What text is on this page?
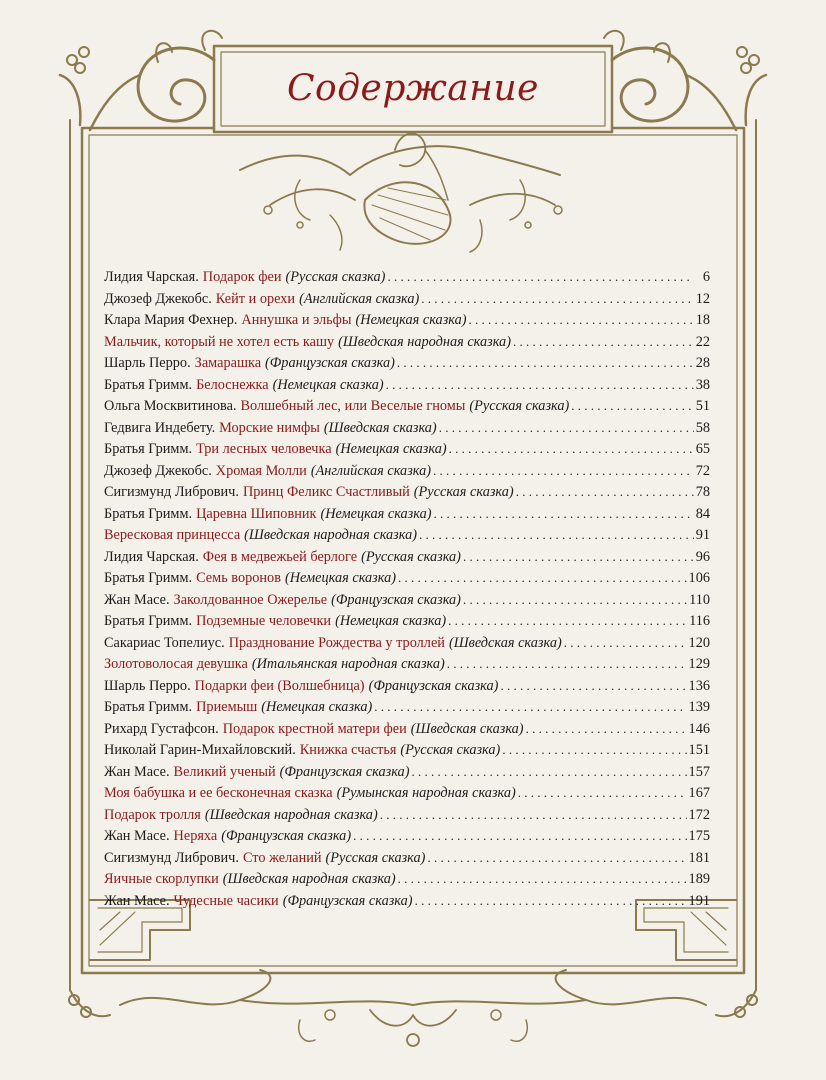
Содержание
Лидия Чарская. Подарок феи (Русская сказка) . . .	6
Джозеф Джекобс. Кейт и орехи (Английская сказка) . . .	12
Клара Мария Фехнер. Аннушка и эльфы (Немецкая сказка) . . .	18
Мальчик, который не хотел есть кашу (Шведская народная сказка) . . .	22
Шарль Перро. Замарашка (Французская сказка) . . .	28
Братья Гримм. Белоснежка (Немецкая сказка) . . .	38
Ольга Москвитинова. Волшебный лес, или Веселые гномы (Русская сказка) . . .	51
Гедвига Индебету. Морские нимфы (Шведская сказка) . . .	58
Братья Гримм. Три лесных человечка (Немецкая сказка) . . .	65
Джозеф Джекобс. Хромая Молли (Английская сказка) . . .	72
Сигизмунд Либрович. Принц Феликс Счастливый (Русская сказка) . . .	78
Братья Гримм. Царевна Шиповник (Немецкая сказка) . . .	84
Вересковая принцесса (Шведская народная сказка) . . .	91
Лидия Чарская. Фея в медвежьей берлоге (Русская сказка) . . .	96
Братья Гримм. Семь воронов (Немецкая сказка) . . .	106
Жан Масе. Заколдованное Ожерелье (Французская сказка) . . .	110
Братья Гримм. Подземные человечки (Немецкая сказка) . . .	116
Сакариас Топелиус. Празднование Рождества у троллей (Шведская сказка) . . .	120
Золотоволосая девушка (Итальянская народная сказка) . . .	129
Шарль Перро. Подарки феи (Волшебница) (Французская сказка) . . .	136
Братья Гримм. Приемыш (Немецкая сказка) . . .	139
Рихард Густафсон. Подарок крестной матери феи (Шведская сказка) . . .	146
Николай Гарин-Михайловский. Книжка счастья (Русская сказка) . . .	151
Жан Масе. Великий ученый (Французская сказка) . . .	157
Моя бабушка и ее бесконечная сказка (Румынская народная сказка) . . .	167
Подарок тролля (Шведская народная сказка) . . .	172
Жан Масе. Неряха (Французская сказка) . . .	175
Сигизмунд Либрович. Сто желаний (Русская сказка) . . .	181
Яичные скорлупки (Шведская народная сказка) . . .	189
Жан Масе. Чудесные часики (Французская сказка) . . .	191
